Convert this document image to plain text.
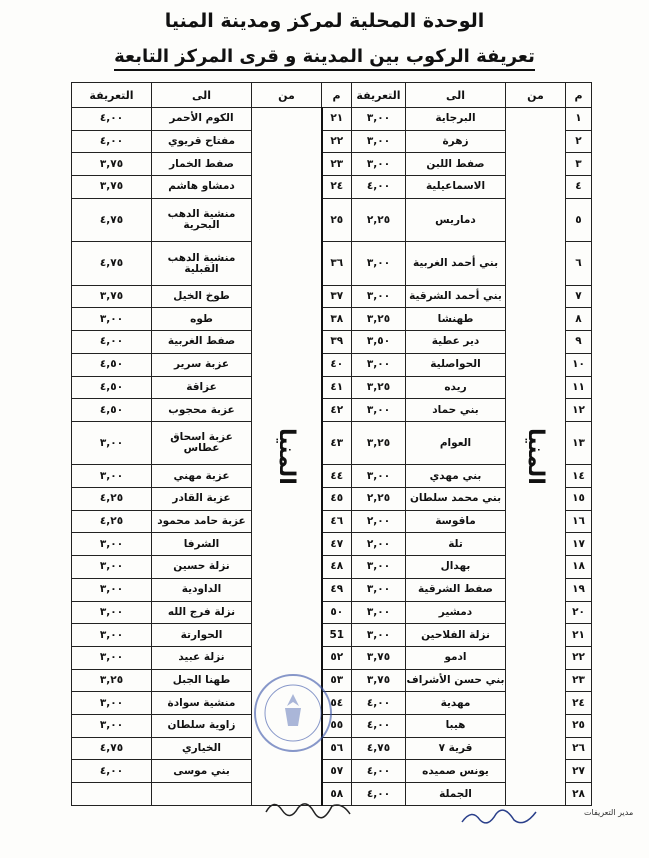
الوحدة المحلية لمركز ومدينة المنيا
تعريفة الركوب بين المدينة و قرى المركز التابعة
م	من	الى	التعريفة	م	من	الى	التعريفة
١	المنيا	البرجاية	٣,٠٠	٢١	المنيا	الكوم الأحمر	٤,٠٠
٢		زهرة	٣,٠٠	٢٢		مفتاح قريوي	٤,٠٠
٣		صفط اللبن	٣,٠٠	٢٣		صفط الخمار	٣,٧٥
٤		الاسماعيلية	٤,٠٠	٢٤		دمشاو هاشم	٣,٧٥
٥		دماريس	٢,٢٥	٢٥		منشية الدهب البحرية	٤,٧٥
٦		بني أحمد الغربية	٣,٠٠	٣٦		منشية الدهب القبلية	٤,٧٥
٧		بني أحمد الشرقية	٣,٠٠	٣٧		طوخ الخيل	٣,٧٥
٨		طهنشا	٣,٢٥	٣٨		طوه	٣,٠٠
٩		دير عطية	٣,٥٠	٣٩		صفط الغربية	٤,٠٠
١٠		الحواصلية	٣,٠٠	٤٠		عزبة سرير	٤,٥٠
١١		ريده	٣,٢٥	٤١		عزاقة	٤,٥٠
١٢		بني حماد	٣,٠٠	٤٢		عزبة محجوب	٤,٥٠
١٣		العوام	٣,٢٥	٤٣		عزبة اسحاق عطاس	٣,٠٠
١٤		بني مهدي	٣,٠٠	٤٤		عزبة مهني	٣,٠٠
١٥		بني محمد سلطان	٢,٢٥	٤٥		عزبة القادر	٤,٢٥
١٦		ماقوسة	٢,٠٠	٤٦		عزبة حامد محمود	٤,٢٥
١٧		تلة	٢,٠٠	٤٧		الشرفا	٣,٠٠
١٨		بهدال	٣,٠٠	٤٨		نزلة حسين	٣,٠٠
١٩		صفط الشرقية	٣,٠٠	٤٩		الداودية	٣,٠٠
٢٠		دمشير	٣,٠٠	٥٠		نزلة فرج الله	٣,٠٠
٢١		نزلة الفلاحين	٣,٠٠	51		الحوارتة	٣,٠٠
٢٢		ادمو	٣,٧٥	٥٢		نزلة عبيد	٣,٠٠
٢٣		بني حسن الأشراف	٣,٧٥	٥٣		طهنا الجبل	٣,٢٥
٢٤		مهدية	٤,٠٠	٥٤		منشية سوادة	٣,٠٠
٢٥		هيبا	٤,٠٠	٥٥		زاوية سلطان	٣,٠٠
٢٦		قرية ٧	٤,٧٥	٥٦		الخياري	٤,٧٥
٢٧		يونس صميده	٤,٠٠	٥٧		بني موسى	٤,٠٠
٢٨		الجملة	٤,٠٠	٥٨			
مدير التعريفات
